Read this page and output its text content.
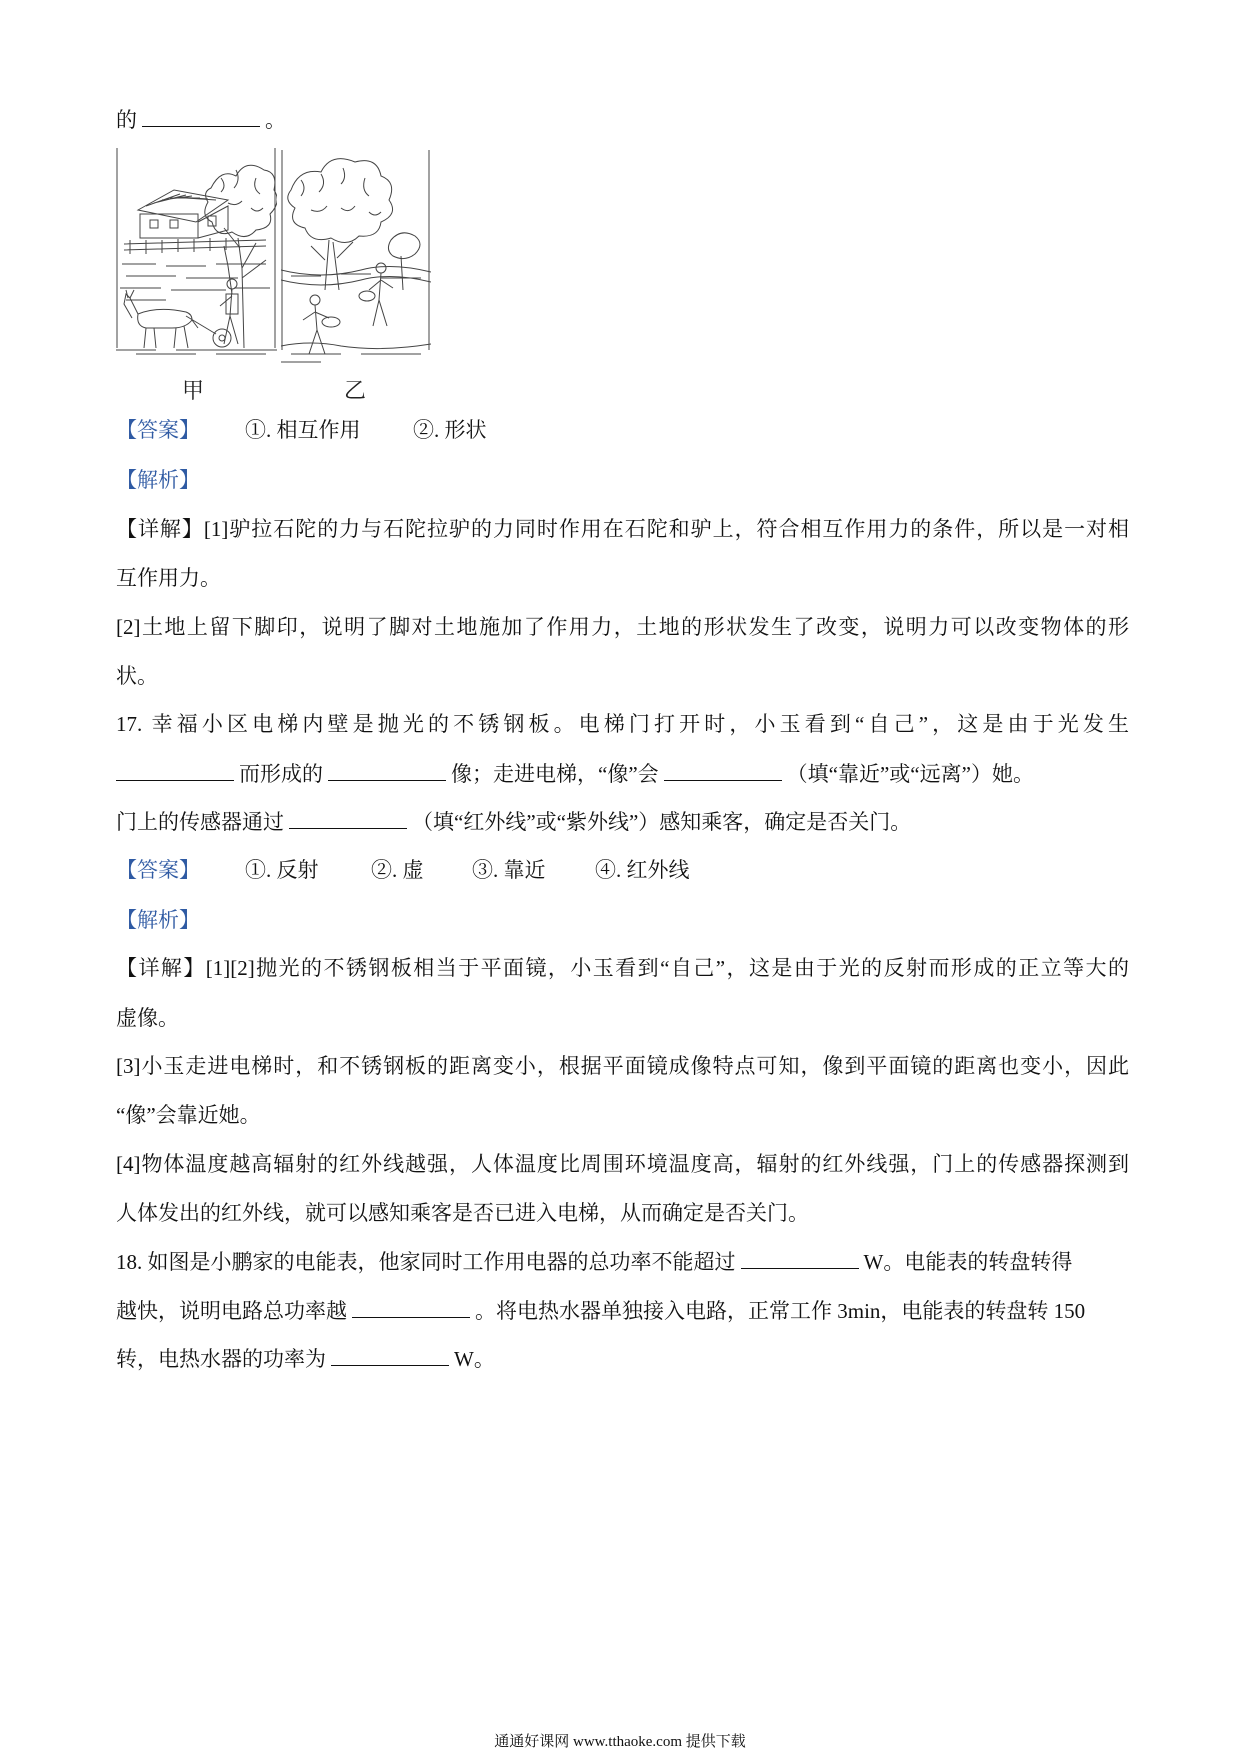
的	。
甲	乙
【答案】 ①. 相互作用	②. 形状
【解析】
【详解】[1]驴拉石陀的力与石陀拉驴的力同时作用在石陀和驴上，符合相互作用力的条件，所以是一对相
互作用力。
[2]土地上留下脚印，说明了脚对土地施加了作用力，土地的形状发生了改变，说明力可以改变物体的形
状。
17. 幸福小区电梯内壁是抛光的不锈钢板。电梯门打开时，小玉看到“自己”，这是由于光发生
而形成的	像；走进电梯，“像”会	（填“靠近”或“远离”）她。
门上的传感器通过	（填“红外线”或“紫外线”）感知乘客，确定是否关门。
【答案】 ①. 反射	②. 虚 ③. 靠近 ④. 红外线
【解析】
【详解】[1][2]抛光的不锈钢板相当于平面镜，小玉看到“自己”，这是由于光的反射而形成的正立等大的
虚像。
[3]小玉走进电梯时，和不锈钢板的距离变小，根据平面镜成像特点可知，像到平面镜的距离也变小，因此
“像”会靠近她。
[4]物体温度越高辐射的红外线越强，人体温度比周围环境温度高，辐射的红外线强，门上的传感器探测到
人体发出的红外线，就可以感知乘客是否已进入电梯，从而确定是否关门。
18. 如图是小鹏家的电能表，他家同时工作用电器的总功率不能超过	W。电能表的转盘转得
越快，说明电路总功率越	。将电热水器单独接入电路，正常工作 3min，电能表的转盘转 150
转，电热水器的功率为	W。
通通好课网 www.tthaoke.com 提供下载
